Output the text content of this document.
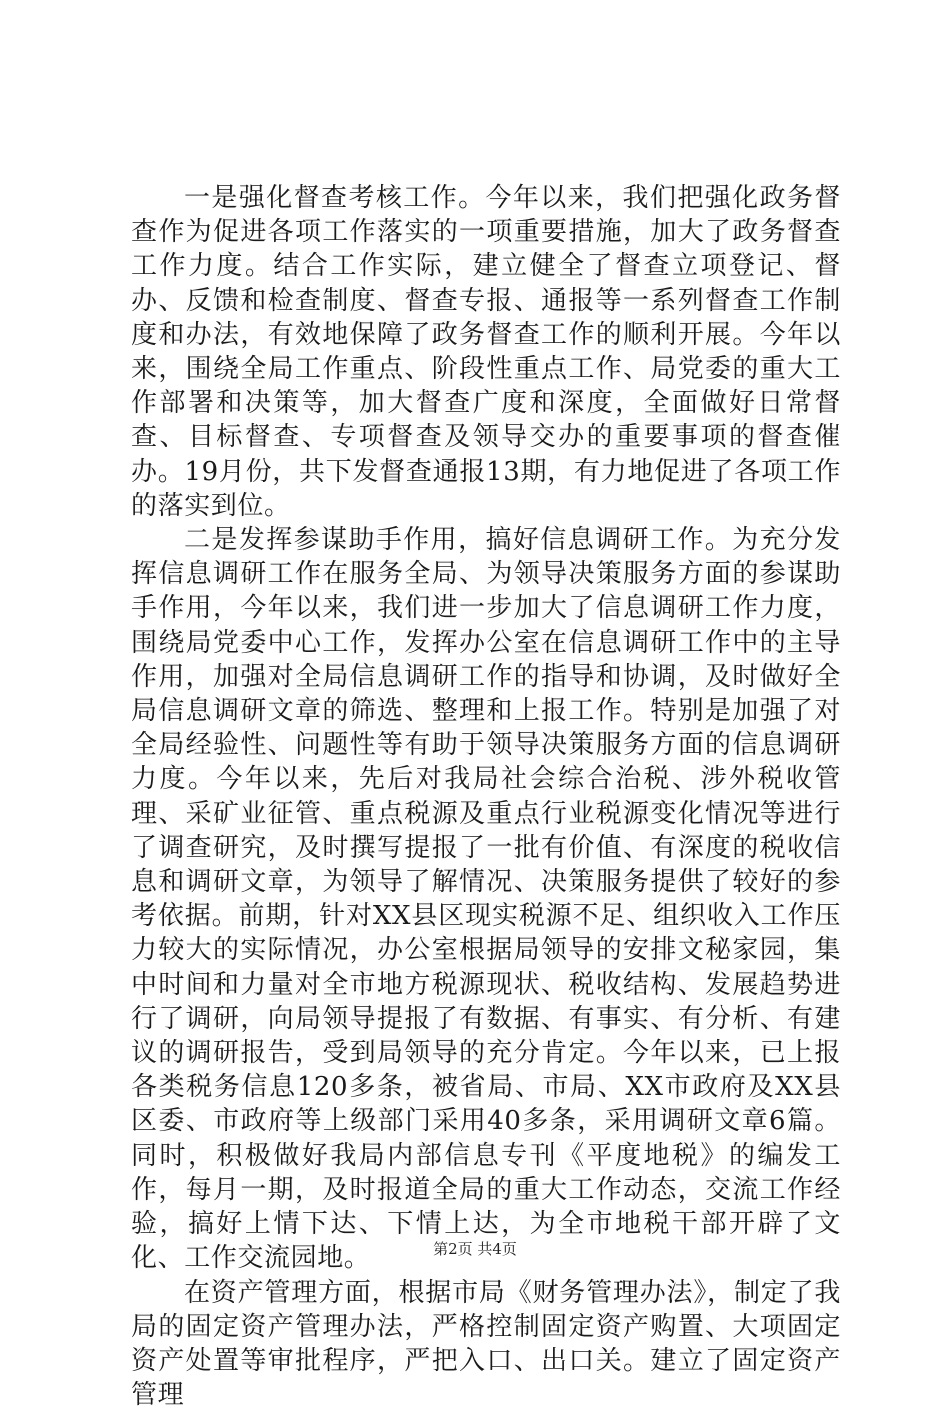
一是强化督查考核工作。今年以来，我们把强化政务督查作为促进各项工作落实的一项重要措施，加大了政务督查工作力度。结合工作实际，建立健全了督查立项登记、督办、反馈和检查制度、督查专报、通报等一系列督查工作制度和办法，有效地保障了政务督查工作的顺利开展。今年以来，围绕全局工作重点、阶段性重点工作、局党委的重大工作部署和决策等，加大督查广度和深度，全面做好日常督查、目标督查、专项督查及领导交办的重要事项的督查催办。19月份，共下发督查通报13期，有力地促进了各项工作的落实到位。

二是发挥参谋助手作用，搞好信息调研工作。为充分发挥信息调研工作在服务全局、为领导决策服务方面的参谋助手作用，今年以来，我们进一步加大了信息调研工作力度，围绕局党委中心工作，发挥办公室在信息调研工作中的主导作用，加强对全局信息调研工作的指导和协调，及时做好全局信息调研文章的筛选、整理和上报工作。特别是加强了对全局经验性、问题性等有助于领导决策服务方面的信息调研力度。今年以来，先后对我局社会综合治税、涉外税收管理、采矿业征管、重点税源及重点行业税源变化情况等进行了调查研究，及时撰写提报了一批有价值、有深度的税收信息和调研文章，为领导了解情况、决策服务提供了较好的参考依据。前期，针对XX县区现实税源不足、组织收入工作压力较大的实际情况，办公室根据局领导的安排文秘家园，集中时间和力量对全市地方税源现状、税收结构、发展趋势进行了调研，向局领导提报了有数据、有事实、有分析、有建议的调研报告，受到局领导的充分肯定。今年以来，已上报各类税务信息120多条，被省局、市局、XX市政府及XX县区委、市政府等上级部门采用40多条，采用调研文章6篇。同时，积极做好我局内部信息专刊《平度地税》的编发工作，每月一期，及时报道全局的重大工作动态，交流工作经验，搞好上情下达、下情上达，为全市地税干部开辟了文化、工作交流园地。

在资产管理方面，根据市局《财务管理办法》，制定了我局的固定资产管理办法，严格控制固定资产购置、大项固定资产处置等审批程序，严把入口、出口关。建立了固定资产管理

第2页 共4页
